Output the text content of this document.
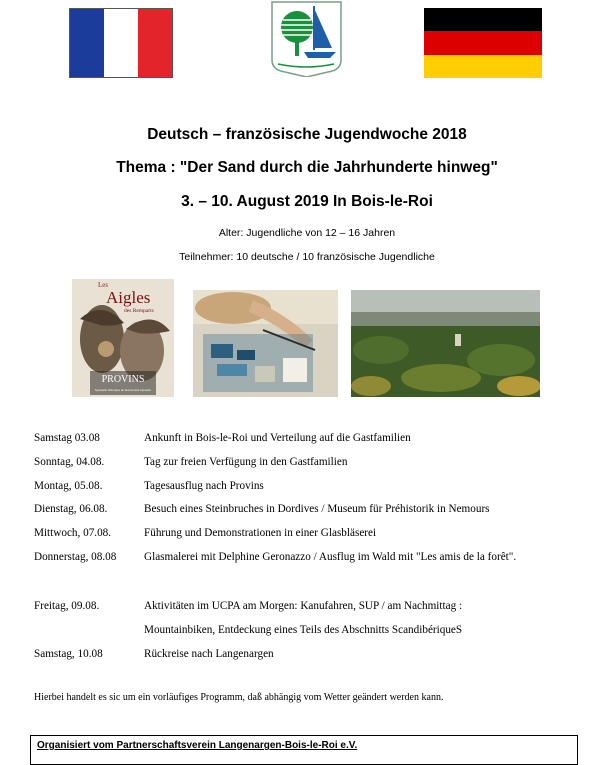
Deutsch – französische Jugendwoche 2018
Thema : "Der Sand durch die Jahrhunderte hinweg"
3. – 10. August 2019 In Bois-le-Roi
Alter: Jugendliche von 12 – 16 Jahren
Teilnehmer: 10 deutsche / 10 französische Jugendliche
Les
Aigles
des Remparts
PROVINS
Spectacle historique de fauconnerie équestre
Samstag 03.08	Ankunft in Bois-le-Roi und Verteilung auf die Gastfamilien
Sonntag, 04.08.	Tag zur freien Verfügung in den Gastfamilien
Montag, 05.08.	Tagesausflug nach Provins
Dienstag, 06.08.	Besuch eines Steinbruches in Dordives / Museum für Préhistorik in Nemours
Mittwoch, 07.08.	Führung und Demonstrationen in einer Glasbläserei
Donnerstag, 08.08 Glasmalerei mit Delphine Geronazzo / Ausflug im Wald mit "Les amis de la forêt".
Freitag, 09.08.	Aktivitäten im UCPA am Morgen: Kanufahren, SUP / am Nachmittag :
Mountainbiken, Entdeckung eines Teils des Abschnitts ScandibériqueS
Samstag, 10.08	Rückreise nach Langenargen
Hierbei handelt es sic um ein vorläufiges Programm, daß abhängig vom Wetter geändert werden kann.
Organisiert vom Partnerschaftsverein Langenargen-Bois-le-Roi e.V.
